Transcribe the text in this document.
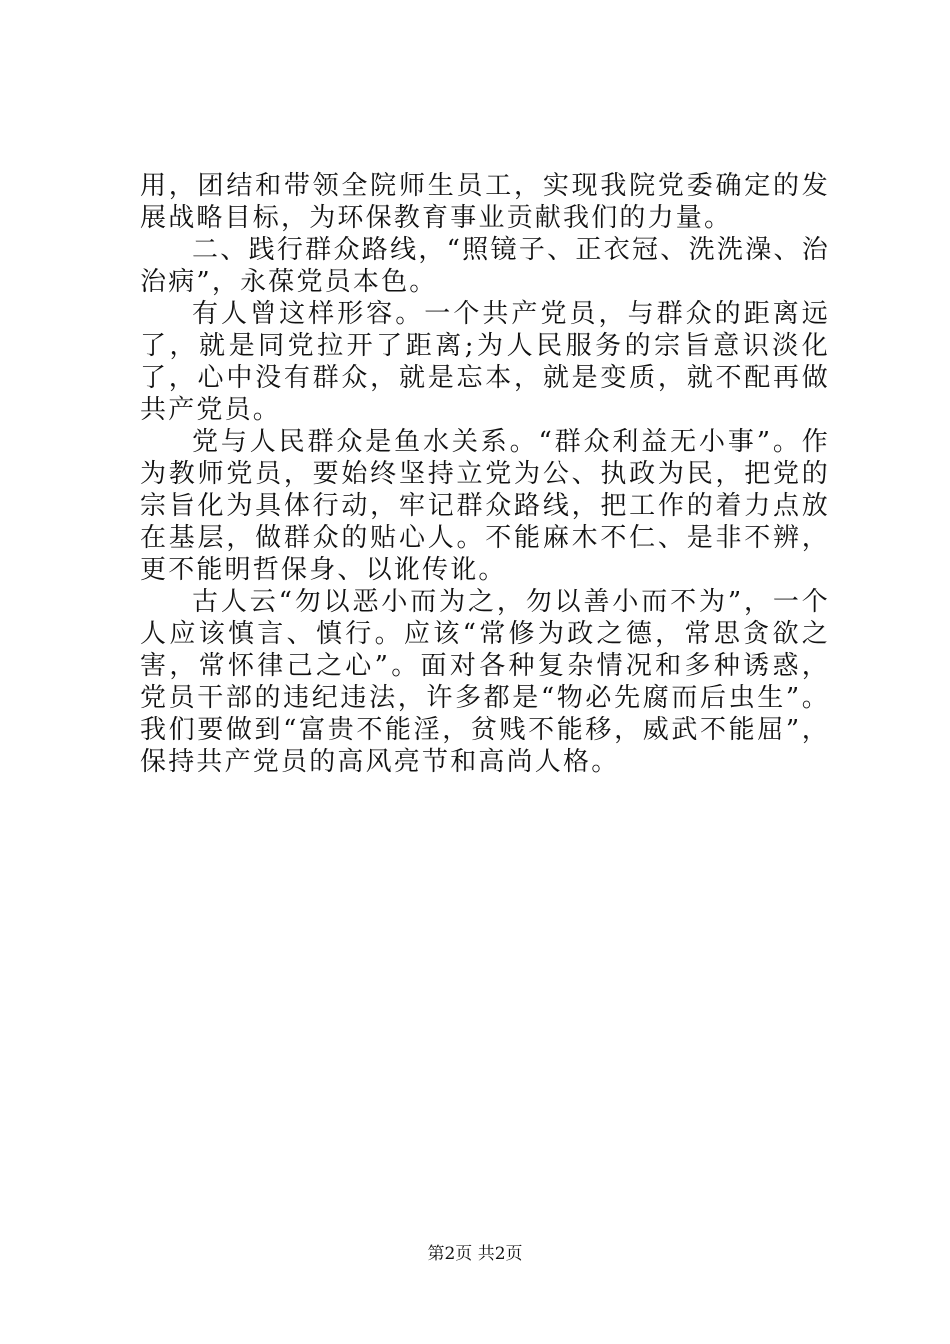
用，团结和带领全院师生员工，实现我院党委确定的发展战略目标，为环保教育事业贡献我们的力量。

二、践行群众路线，“照镜子、正衣冠、洗洗澡、治治病”，永葆党员本色。

有人曾这样形容。一个共产党员，与群众的距离远了，就是同党拉开了距离;为人民服务的宗旨意识淡化了，心中没有群众，就是忘本，就是变质，就不配再做共产党员。

党与人民群众是鱼水关系。“群众利益无小事”。作为教师党员，要始终坚持立党为公、执政为民，把党的宗旨化为具体行动，牢记群众路线，把工作的着力点放在基层，做群众的贴心人。不能麻木不仁、是非不辨，更不能明哲保身、以讹传讹。

古人云“勿以恶小而为之，勿以善小而不为”，一个人应该慎言、慎行。应该“常修为政之德，常思贪欲之害，常怀律己之心”。面对各种复杂情况和多种诱惑，党员干部的违纪违法，许多都是“物必先腐而后虫生”。我们要做到“富贵不能淫，贫贱不能移，威武不能屈”，保持共产党员的高风亮节和高尚人格。

第2页 共2页
